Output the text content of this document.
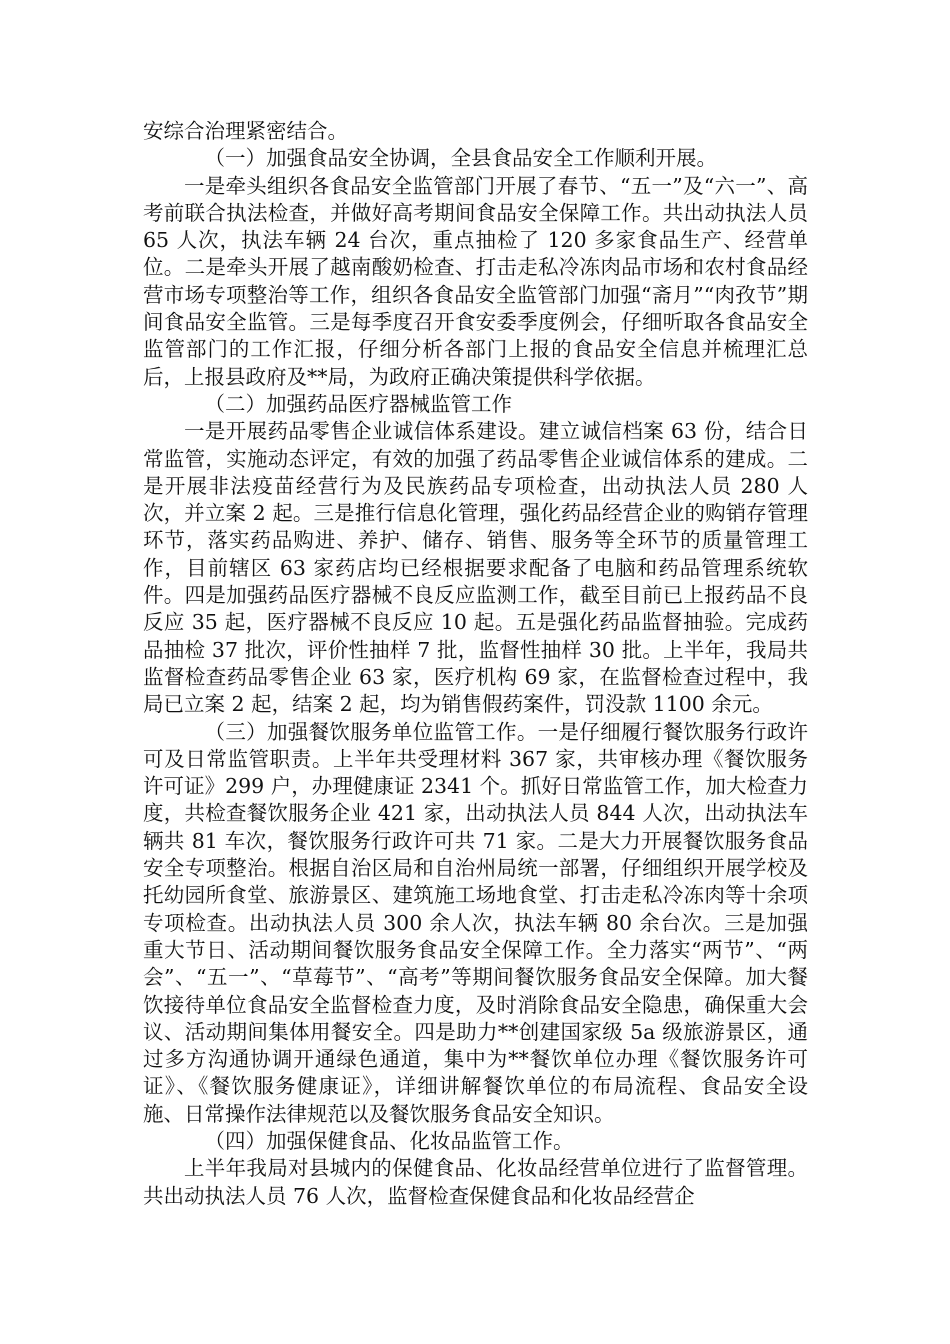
安综合治理紧密结合。

（一）加强食品安全协调，全县食品安全工作顺利开展。

一是牵头组织各食品安全监管部门开展了春节、“五一”及“六一”、高考前联合执法检查，并做好高考期间食品安全保障工作。共出动执法人员 65 人次，执法车辆 24 台次，重点抽检了 120 多家食品生产、经营单位。二是牵头开展了越南酸奶检查、打击走私冷冻肉品市场和农村食品经营市场专项整治等工作，组织各食品安全监管部门加强“斋月”“肉孜节”期间食品安全监管。三是每季度召开食安委季度例会，仔细听取各食品安全监管部门的工作汇报，仔细分析各部门上报的食品安全信息并梳理汇总后，上报县政府及**局，为政府正确决策提供科学依据。

（二）加强药品医疗器械监管工作

一是开展药品零售企业诚信体系建设。建立诚信档案 63 份，结合日常监管，实施动态评定，有效的加强了药品零售企业诚信体系的建成。二是开展非法疫苗经营行为及民族药品专项检查，出动执法人员 280 人次，并立案 2 起。三是推行信息化管理，强化药品经营企业的购销存管理环节，落实药品购进、养护、储存、销售、服务等全环节的质量管理工作，目前辖区 63 家药店均已经根据要求配备了电脑和药品管理系统软件。四是加强药品医疗器械不良反应监测工作，截至目前已上报药品不良反应 35 起，医疗器械不良反应 10 起。五是强化药品监督抽验。完成药品抽检 37 批次，评价性抽样 7 批，监督性抽样 30 批。上半年，我局共监督检查药品零售企业 63 家，医疗机构 69 家，在监督检查过程中，我局已立案 2 起，结案 2 起，均为销售假药案件，罚没款 1100 余元。

（三）加强餐饮服务单位监管工作。一是仔细履行餐饮服务行政许可及日常监管职责。上半年共受理材料 367 家，共审核办理《餐饮服务许可证》299 户，办理健康证 2341 个。抓好日常监管工作，加大检查力度，共检查餐饮服务企业 421 家，出动执法人员 844 人次，出动执法车辆共 81 车次，餐饮服务行政许可共 71 家。二是大力开展餐饮服务食品安全专项整治。根据自治区局和自治州局统一部署，仔细组织开展学校及托幼园所食堂、旅游景区、建筑施工场地食堂、打击走私冷冻肉等十余项专项检查。出动执法人员 300 余人次，执法车辆 80 余台次。三是加强重大节日、活动期间餐饮服务食品安全保障工作。全力落实“两节”、“两会”、“五一”、“草莓节”、“高考”等期间餐饮服务食品安全保障。加大餐饮接待单位食品安全监督检查力度，及时消除食品安全隐患，确保重大会议、活动期间集体用餐安全。四是助力**创建国家级 5a 级旅游景区，通过多方沟通协调开通绿色通道，集中为**餐饮单位办理《餐饮服务许可证》、《餐饮服务健康证》，详细讲解餐饮单位的布局流程、食品安全设施、日常操作法律规范以及餐饮服务食品安全知识。

（四）加强保健食品、化妆品监管工作。

上半年我局对县城内的保健食品、化妆品经营单位进行了监督管理。共出动执法人员 76 人次，监督检查保健食品和化妆品经营企
